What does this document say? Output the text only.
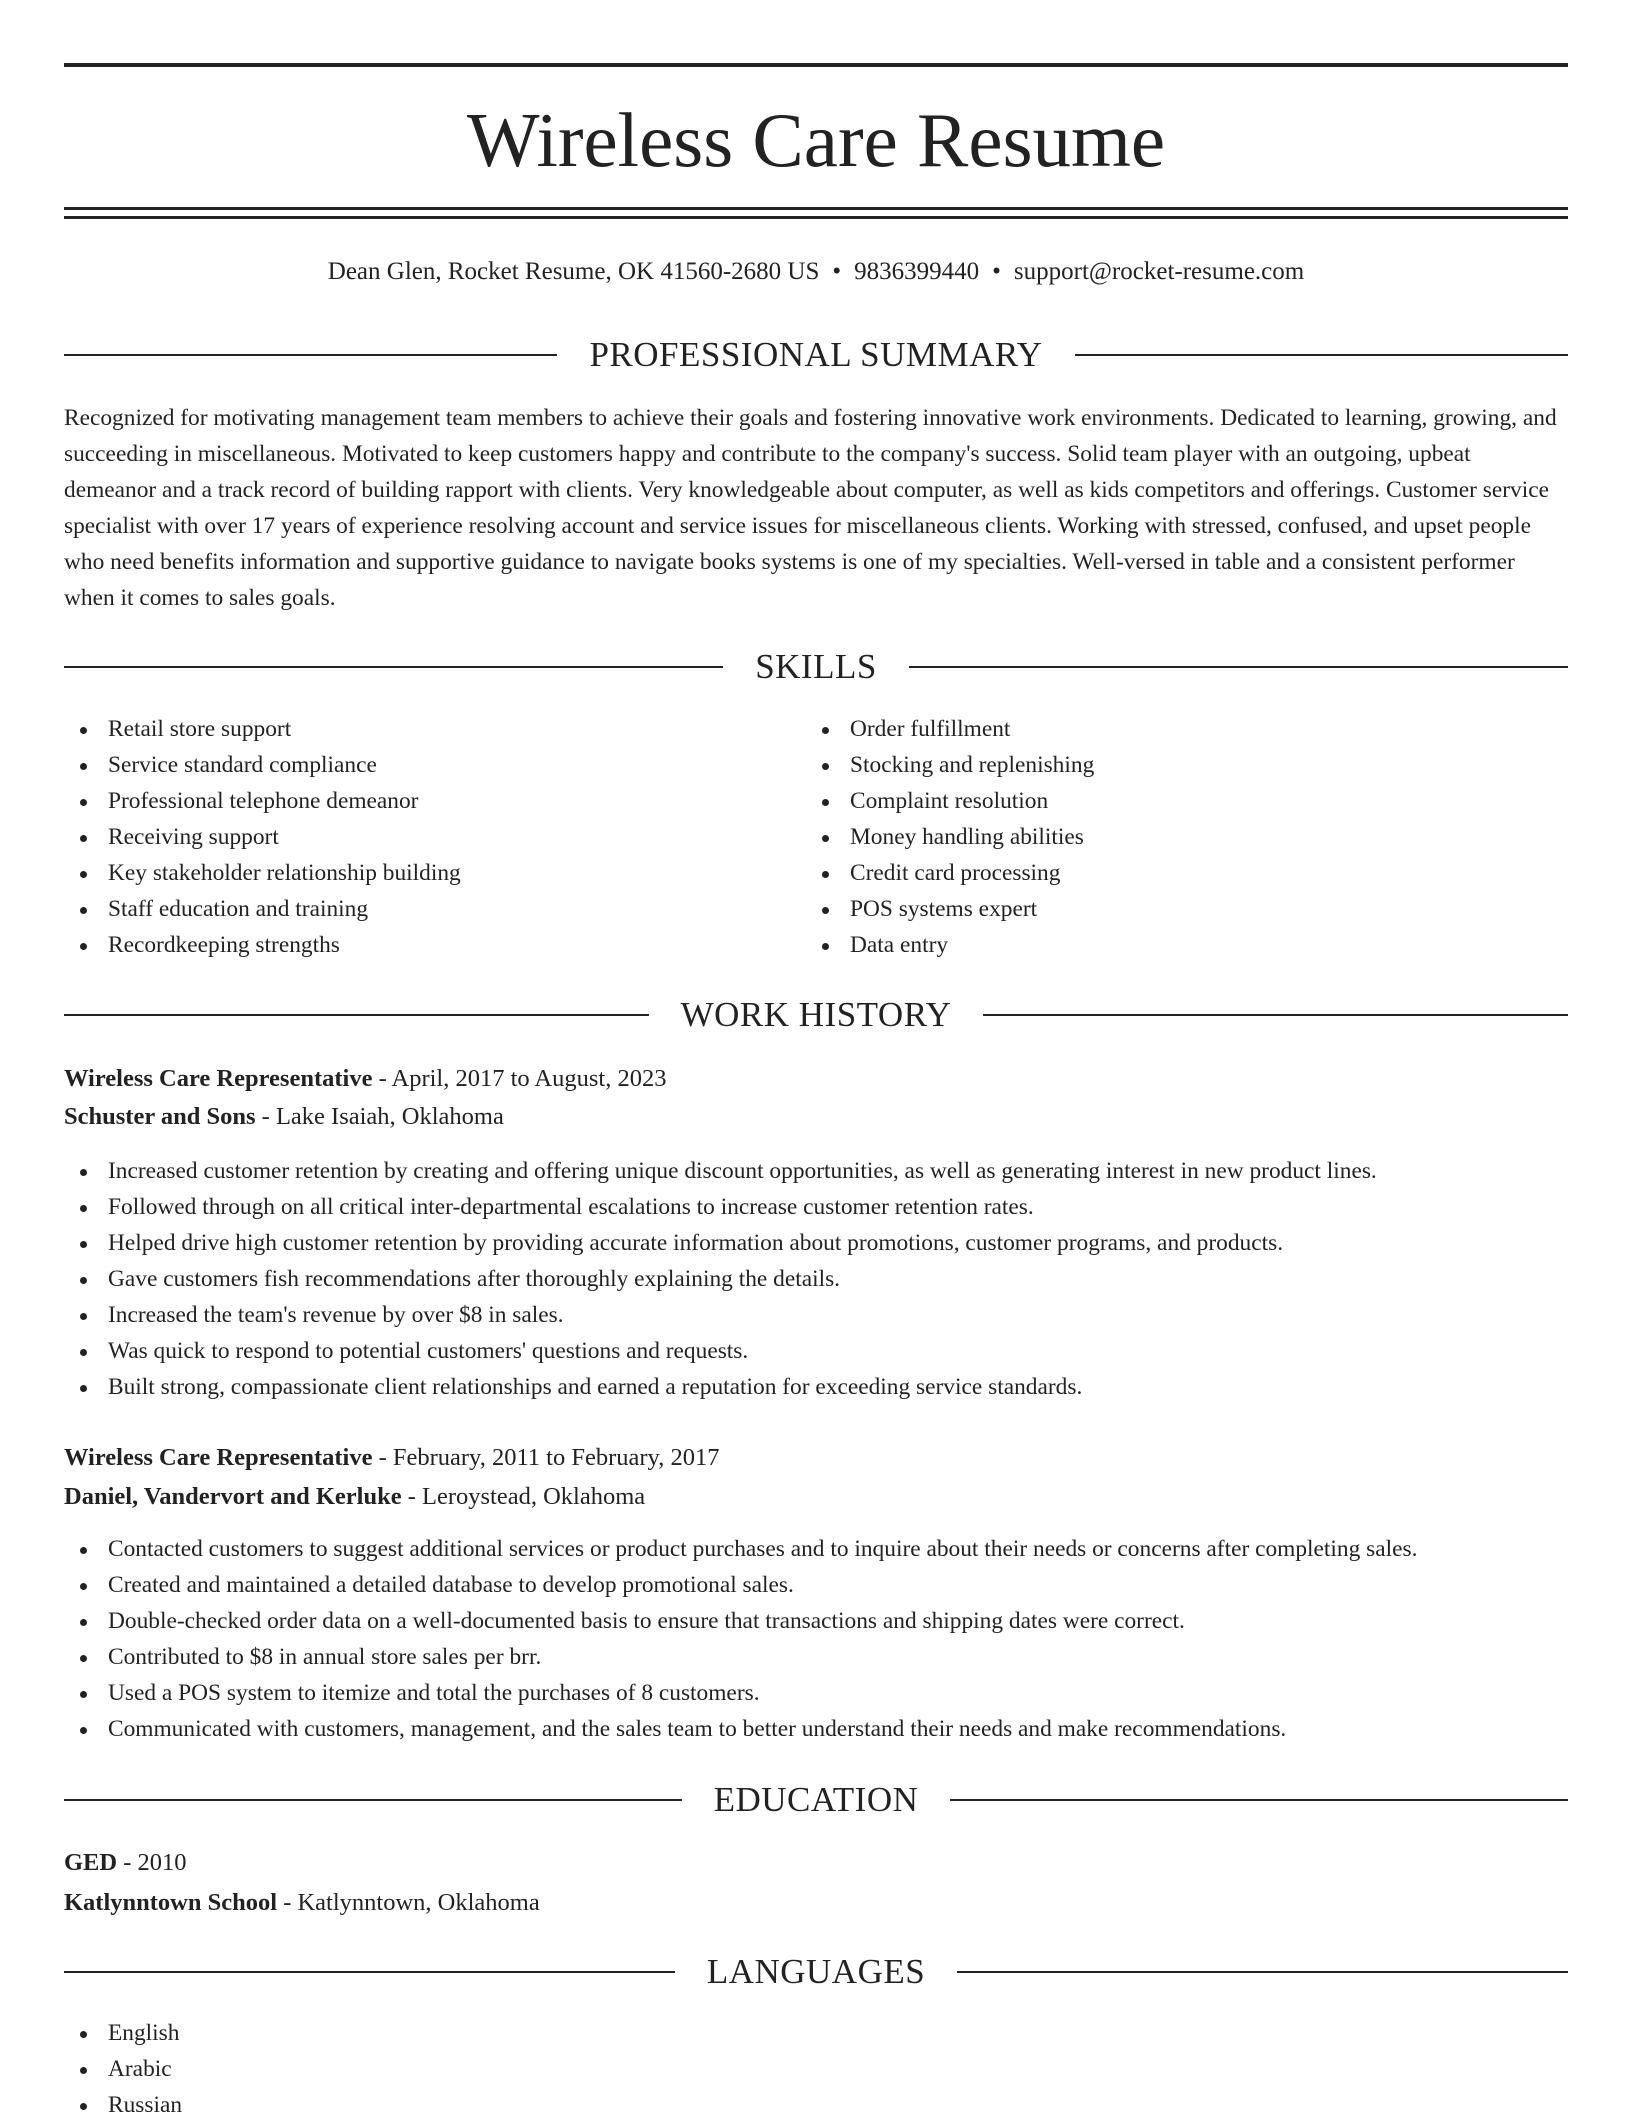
Wireless Care Resume
Dean Glen, Rocket Resume, OK 41560-2680 US • 9836399440 • support@rocket-resume.com
PROFESSIONAL SUMMARY

Recognized for motivating management team members to achieve their goals and fostering innovative work environments. Dedicated to learning, growing, and succeeding in miscellaneous. Motivated to keep customers happy and contribute to the company's success. Solid team player with an outgoing, upbeat demeanor and a track record of building rapport with clients. Very knowledgeable about computer, as well as kids competitors and offerings. Customer service specialist with over 17 years of experience resolving account and service issues for miscellaneous clients. Working with stressed, confused, and upset people who need benefits information and supportive guidance to navigate books systems is one of my specialties. Well-versed in table and a consistent performer when it comes to sales goals.

SKILLS
Retail store support
Service standard compliance
Professional telephone demeanor
Receiving support
Key stakeholder relationship building
Staff education and training
Recordkeeping strengths
Order fulfillment
Stocking and replenishing
Complaint resolution
Money handling abilities
Credit card processing
POS systems expert
Data entry
WORK HISTORY
Wireless Care Representative - April, 2017 to August, 2023
Schuster and Sons - Lake Isaiah, Oklahoma
Increased customer retention by creating and offering unique discount opportunities, as well as generating interest in new product lines.
Followed through on all critical inter-departmental escalations to increase customer retention rates.
Helped drive high customer retention by providing accurate information about promotions, customer programs, and products.
Gave customers fish recommendations after thoroughly explaining the details.
Increased the team's revenue by over $8 in sales.
Was quick to respond to potential customers' questions and requests.
Built strong, compassionate client relationships and earned a reputation for exceeding service standards.
Wireless Care Representative - February, 2011 to February, 2017
Daniel, Vandervort and Kerluke - Leroystead, Oklahoma
Contacted customers to suggest additional services or product purchases and to inquire about their needs or concerns after completing sales.
Created and maintained a detailed database to develop promotional sales.
Double-checked order data on a well-documented basis to ensure that transactions and shipping dates were correct.
Contributed to $8 in annual store sales per brr.
Used a POS system to itemize and total the purchases of 8 customers.
Communicated with customers, management, and the sales team to better understand their needs and make recommendations.
EDUCATION
GED - 2010
Katlynntown School - Katlynntown, Oklahoma
LANGUAGES
English
Arabic
Russian
